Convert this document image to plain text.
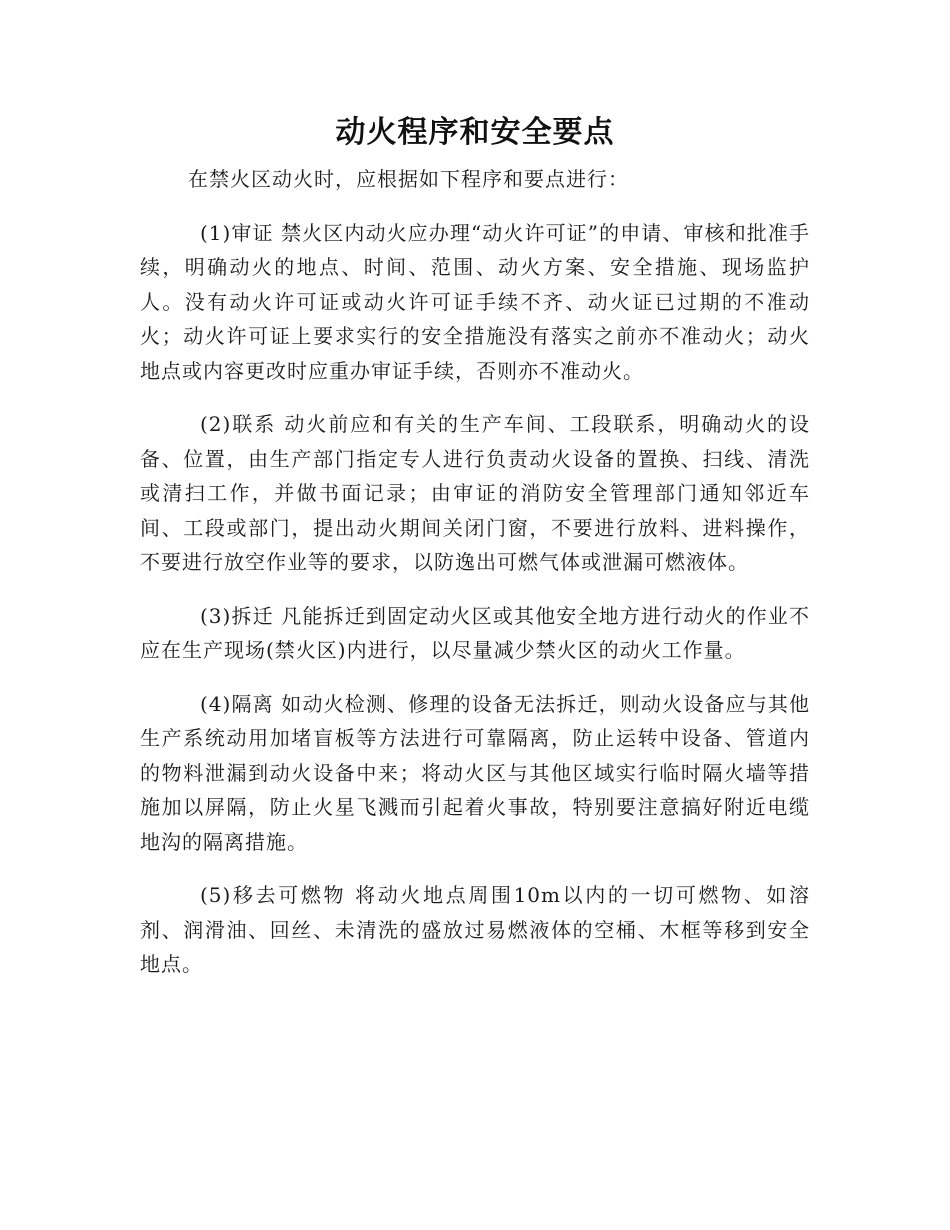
动火程序和安全要点

在禁火区动火时，应根据如下程序和要点进行：

(1)审证 禁火区内动火应办理“动火许可证”的申请、审核和批准手续，明确动火的地点、时间、范围、动火方案、安全措施、现场监护人。没有动火许可证或动火许可证手续不齐、动火证已过期的不准动火；动火许可证上要求实行的安全措施没有落实之前亦不准动火；动火地点或内容更改时应重办审证手续，否则亦不准动火。

(2)联系 动火前应和有关的生产车间、工段联系，明确动火的设备、位置，由生产部门指定专人进行负责动火设备的置换、扫线、清洗或清扫工作，并做书面记录；由审证的消防安全管理部门通知邻近车间、工段或部门，提出动火期间关闭门窗，不要进行放料、进料操作，不要进行放空作业等的要求，以防逸出可燃气体或泄漏可燃液体。

(3)拆迁 凡能拆迁到固定动火区或其他安全地方进行动火的作业不应在生产现场(禁火区)内进行，以尽量减少禁火区的动火工作量。

(4)隔离 如动火检测、修理的设备无法拆迁，则动火设备应与其他生产系统动用加堵盲板等方法进行可靠隔离，防止运转中设备、管道内的物料泄漏到动火设备中来；将动火区与其他区域实行临时隔火墙等措施加以屏隔，防止火星飞溅而引起着火事故，特别要注意搞好附近电缆地沟的隔离措施。

(5)移去可燃物 将动火地点周围10m以内的一切可燃物、如溶剂、润滑油、回丝、未清洗的盛放过易燃液体的空桶、木框等移到安全地点。
